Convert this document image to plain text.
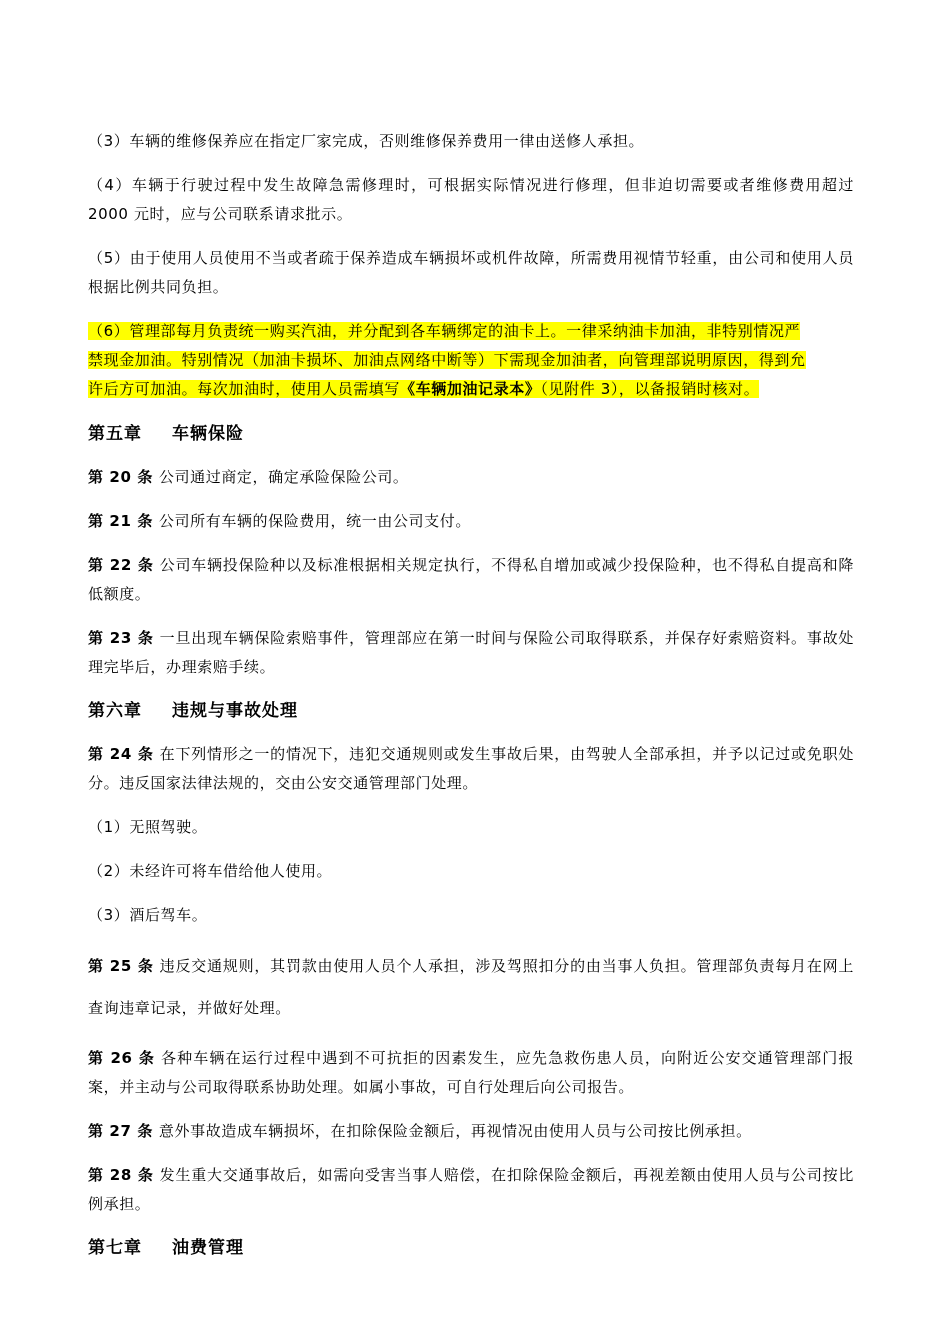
（3）车辆的维修保养应在指定厂家完成，否则维修保养费用一律由送修人承担。

（4）车辆于行驶过程中发生故障急需修理时，可根据实际情况进行修理，但非迫切需要或者维修费用超过 2000 元时，应与公司联系请求批示。

（5）由于使用人员使用不当或者疏于保养造成车辆损坏或机件故障，所需费用视情节轻重，由公司和使用人员根据比例共同负担。

（6）管理部每月负责统一购买汽油，并分配到各车辆绑定的油卡上。一律采纳油卡加油，非特别情况严
禁现金加油。特别情况（加油卡损坏、加油点网络中断等）下需现金加油者，向管理部说明原因，得到允
许后方可加油。每次加油时，使用人员需填写《车辆加油记录本》（见附件 3），以备报销时核对。
第五章 车辆保险

第 20 条 公司通过商定，确定承险保险公司。

第 21 条 公司所有车辆的保险费用，统一由公司支付。

第 22 条 公司车辆投保险种以及标准根据相关规定执行，不得私自增加或减少投保险种，也不得私自提高和降低额度。

第 23 条 一旦出现车辆保险索赔事件，管理部应在第一时间与保险公司取得联系，并保存好索赔资料。事故处理完毕后，办理索赔手续。

第六章 违规与事故处理

第 24 条 在下列情形之一的情况下，违犯交通规则或发生事故后果，由驾驶人全部承担，并予以记过或免职处分。违反国家法律法规的，交由公安交通管理部门处理。

（1）无照驾驶。

（2）未经许可将车借给他人使用。

（3）酒后驾车。

第 25 条 违反交通规则，其罚款由使用人员个人承担，涉及驾照扣分的由当事人负担。管理部负责每月在网上查询违章记录，并做好处理。

第 26 条 各种车辆在运行过程中遇到不可抗拒的因素发生，应先急救伤患人员，向附近公安交通管理部门报案，并主动与公司取得联系协助处理。如属小事故，可自行处理后向公司报告。

第 27 条 意外事故造成车辆损坏，在扣除保险金额后，再视情况由使用人员与公司按比例承担。

第 28 条 发生重大交通事故后，如需向受害当事人赔偿，在扣除保险金额后，再视差额由使用人员与公司按比例承担。

第七章 油费管理
